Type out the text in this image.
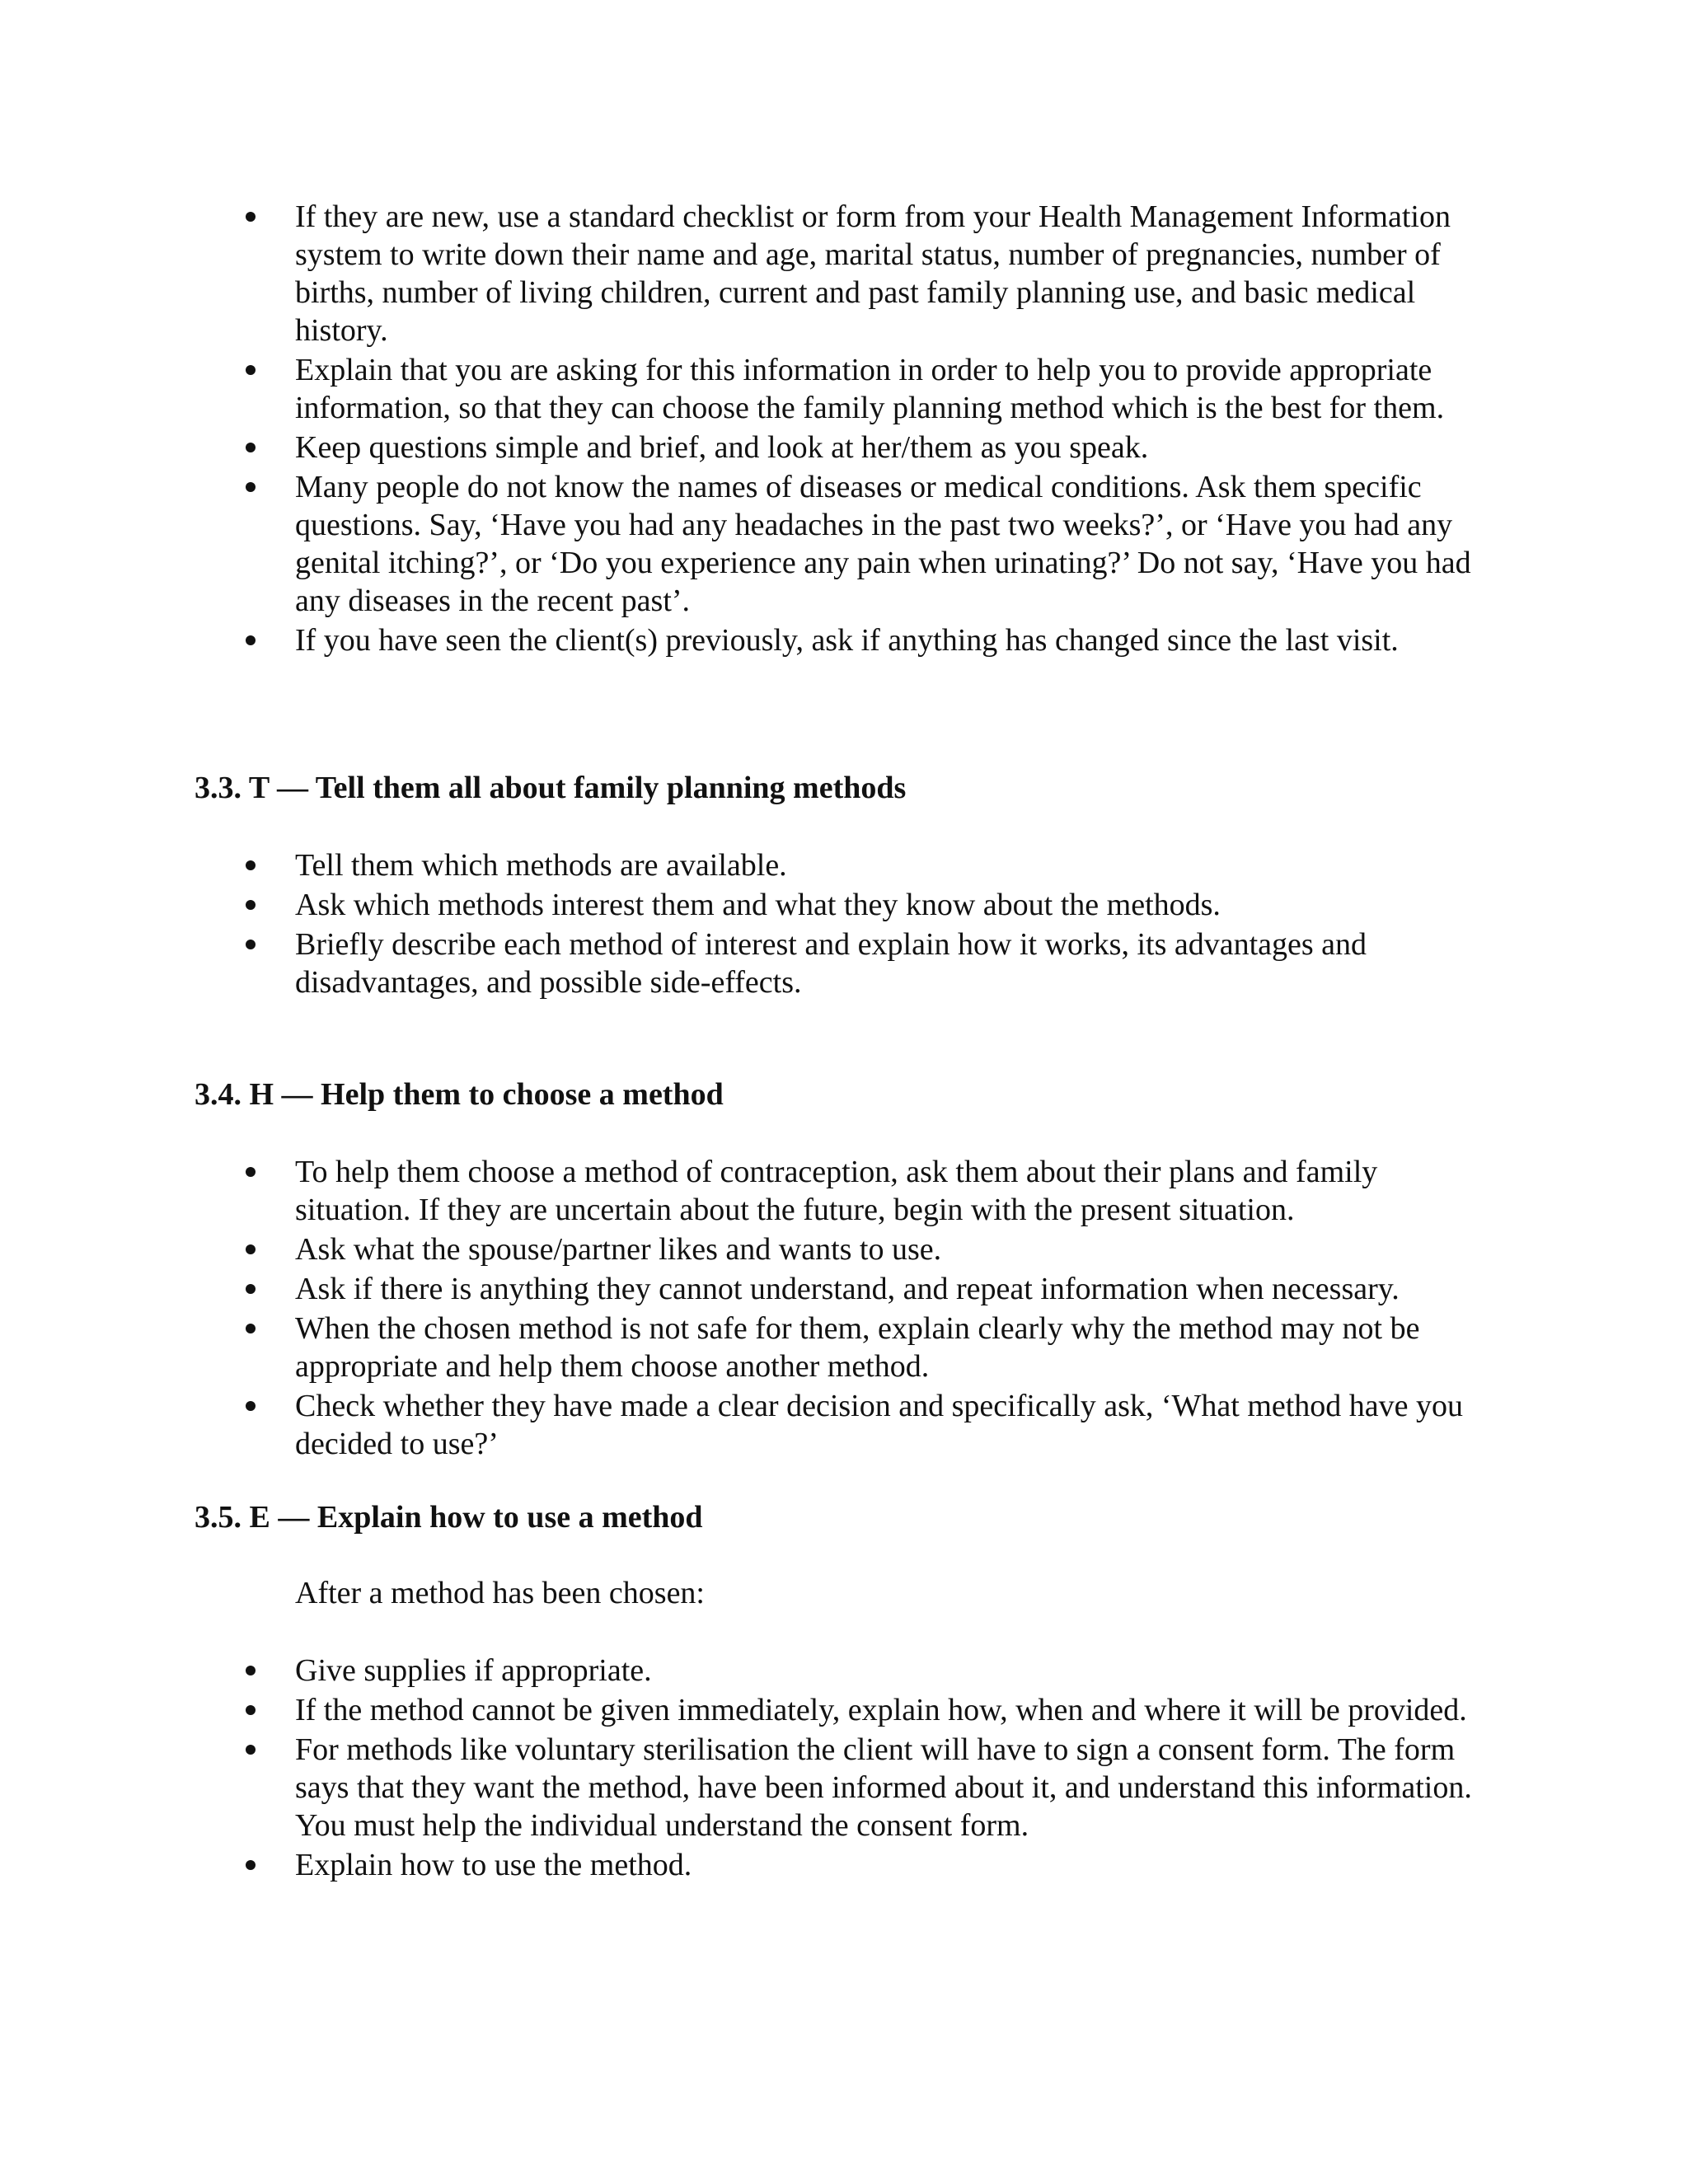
If they are new, use a standard checklist or form from your Health Management Information system to write down their name and age, marital status, number of pregnancies, number of births, number of living children, current and past family planning use, and basic medical history.
Explain that you are asking for this information in order to help you to provide appropriate information, so that they can choose the family planning method which is the best for them.
Keep questions simple and brief, and look at her/them as you speak.
Many people do not know the names of diseases or medical conditions. Ask them specific questions. Say, ‘Have you had any headaches in the past two weeks?’, or ‘Have you had any genital itching?’, or ‘Do you experience any pain when urinating?’ Do not say, ‘Have you had any diseases in the recent past’.
If you have seen the client(s) previously, ask if anything has changed since the last visit.
3.3. T — Tell them all about family planning methods
Tell them which methods are available.
Ask which methods interest them and what they know about the methods.
Briefly describe each method of interest and explain how it works, its advantages and disadvantages, and possible side-effects.
3.4. H — Help them to choose a method
To help them choose a method of contraception, ask them about their plans and family situation. If they are uncertain about the future, begin with the present situation.
Ask what the spouse/partner likes and wants to use.
Ask if there is anything they cannot understand, and repeat information when necessary.
When the chosen method is not safe for them, explain clearly why the method may not be appropriate and help them choose another method.
Check whether they have made a clear decision and specifically ask, ‘What method have you decided to use?’
3.5. E — Explain how to use a method

After a method has been chosen:

Give supplies if appropriate.
If the method cannot be given immediately, explain how, when and where it will be provided.
For methods like voluntary sterilisation the client will have to sign a consent form. The form says that they want the method, have been informed about it, and understand this information. You must help the individual understand the consent form.
Explain how to use the method.
